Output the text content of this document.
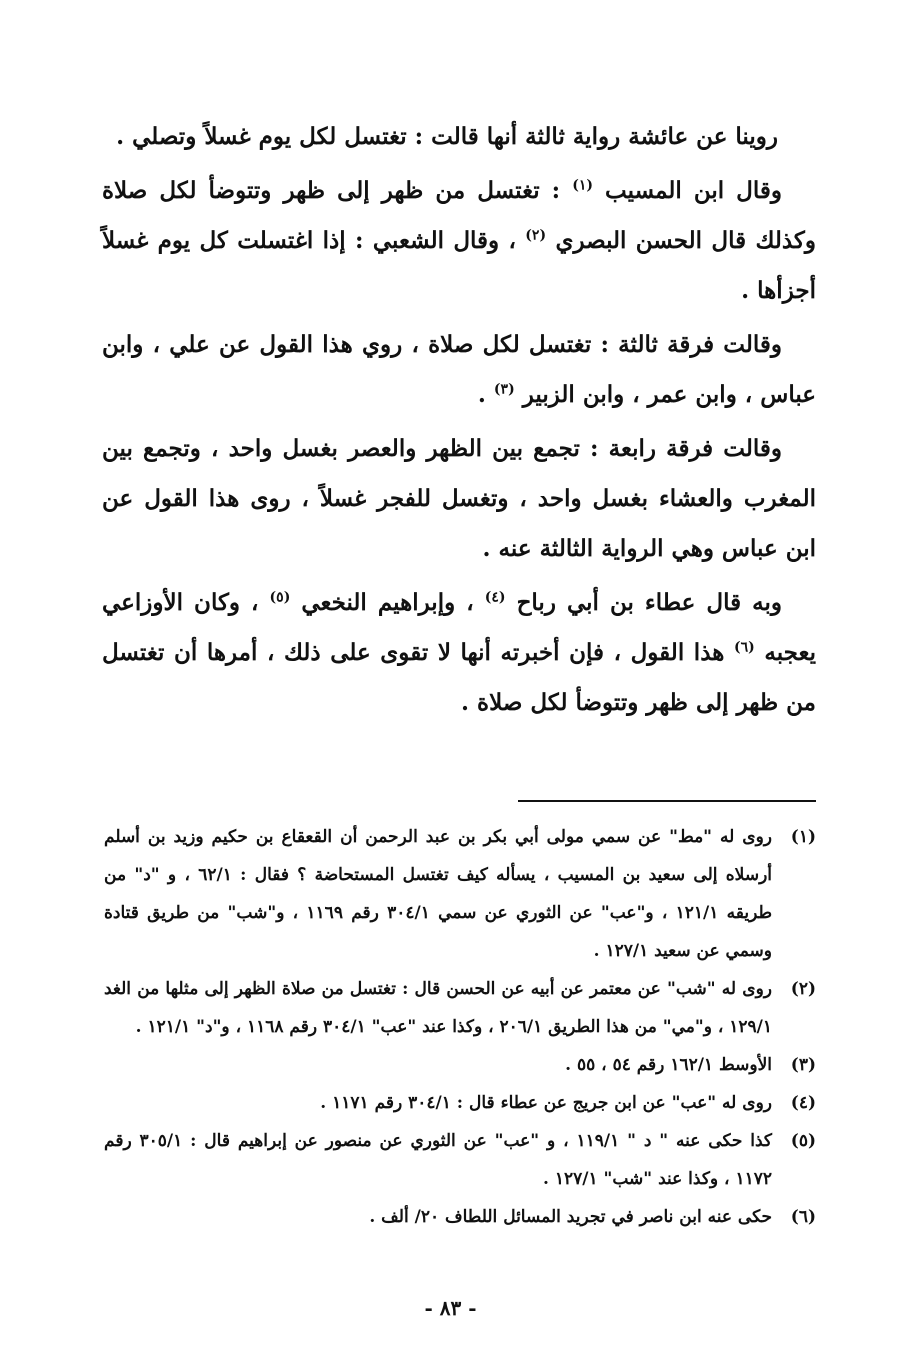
روينا عن عائشة رواية ثالثة أنها قالت : تغتسل لكل يوم غسلاً وتصلي .

وقال ابن المسيب $^{(١)}$ : تغتسل من ظهر إلى ظهر وتتوضأ لكل صلاة وكذلك قال الحسن البصري $^{(٢)}$ ، وقال الشعبي : إذا اغتسلت كل يوم غسلاً أجزأها .

وقالت فرقة ثالثة : تغتسل لكل صلاة ، روي هذا القول عن علي ، وابن عباس ، وابن عمر ، وابن الزبير $^{(٣)}$ .

وقالت فرقة رابعة : تجمع بين الظهر والعصر بغسل واحد ، وتجمع بين المغرب والعشاء بغسل واحد ، وتغسل للفجر غسلاً ، روى هذا القول عن ابن عباس وهي الرواية الثالثة عنه .

وبه قال عطاء بن أبي رباح $^{(٤)}$ ، وإبراهيم النخعي $^{(٥)}$ ، وكان الأوزاعي يعجبه $^{(٦)}$ هذا القول ، فإن أخبرته أنها لا تقوى على ذلك ، أمرها أن تغتسل من ظهر إلى ظهر وتتوضأ لكل صلاة .

(١)
روى له "مط" عن سمي مولى أبي بكر بن عبد الرحمن أن القعقاع بن حكيم وزيد بن أسلم أرسلاه إلى سعيد بن المسيب ، يسأله كيف تغتسل المستحاضة ؟ فقال : ٦٢/١ ، و "د" من طريقه ١٢١/١ ، و"عب" عن الثوري عن سمي ٣٠٤/١ رقم ١١٦٩ ، و"شب" من طريق قتادة وسمي عن سعيد ١٢٧/١ .
(٢)
روى له "شب" عن معتمر عن أبيه عن الحسن قال : تغتسل من صلاة الظهر إلى مثلها من الغد ١٢٩/١ ، و"مي" من هذا الطريق ٢٠٦/١ ، وكذا عند "عب" ٣٠٤/١ رقم ١١٦٨ ، و"د" ١٢١/١ .
(٣)
الأوسط ١٦٢/١ رقم ٥٤ ، ٥٥ .
(٤)
روى له "عب" عن ابن جريج عن عطاء قال : ٣٠٤/١ رقم ١١٧١ .
(٥)
كذا حكى عنه " د " ١١٩/١ ، و "عب" عن الثوري عن منصور عن إبراهيم قال : ٣٠٥/١ رقم ١١٧٢ ، وكذا عند "شب" ١٢٧/١ .
(٦)
حكى عنه ابن ناصر في تجريد المسائل اللطاف ٢٠/ ألف .
- ٨٣ -
